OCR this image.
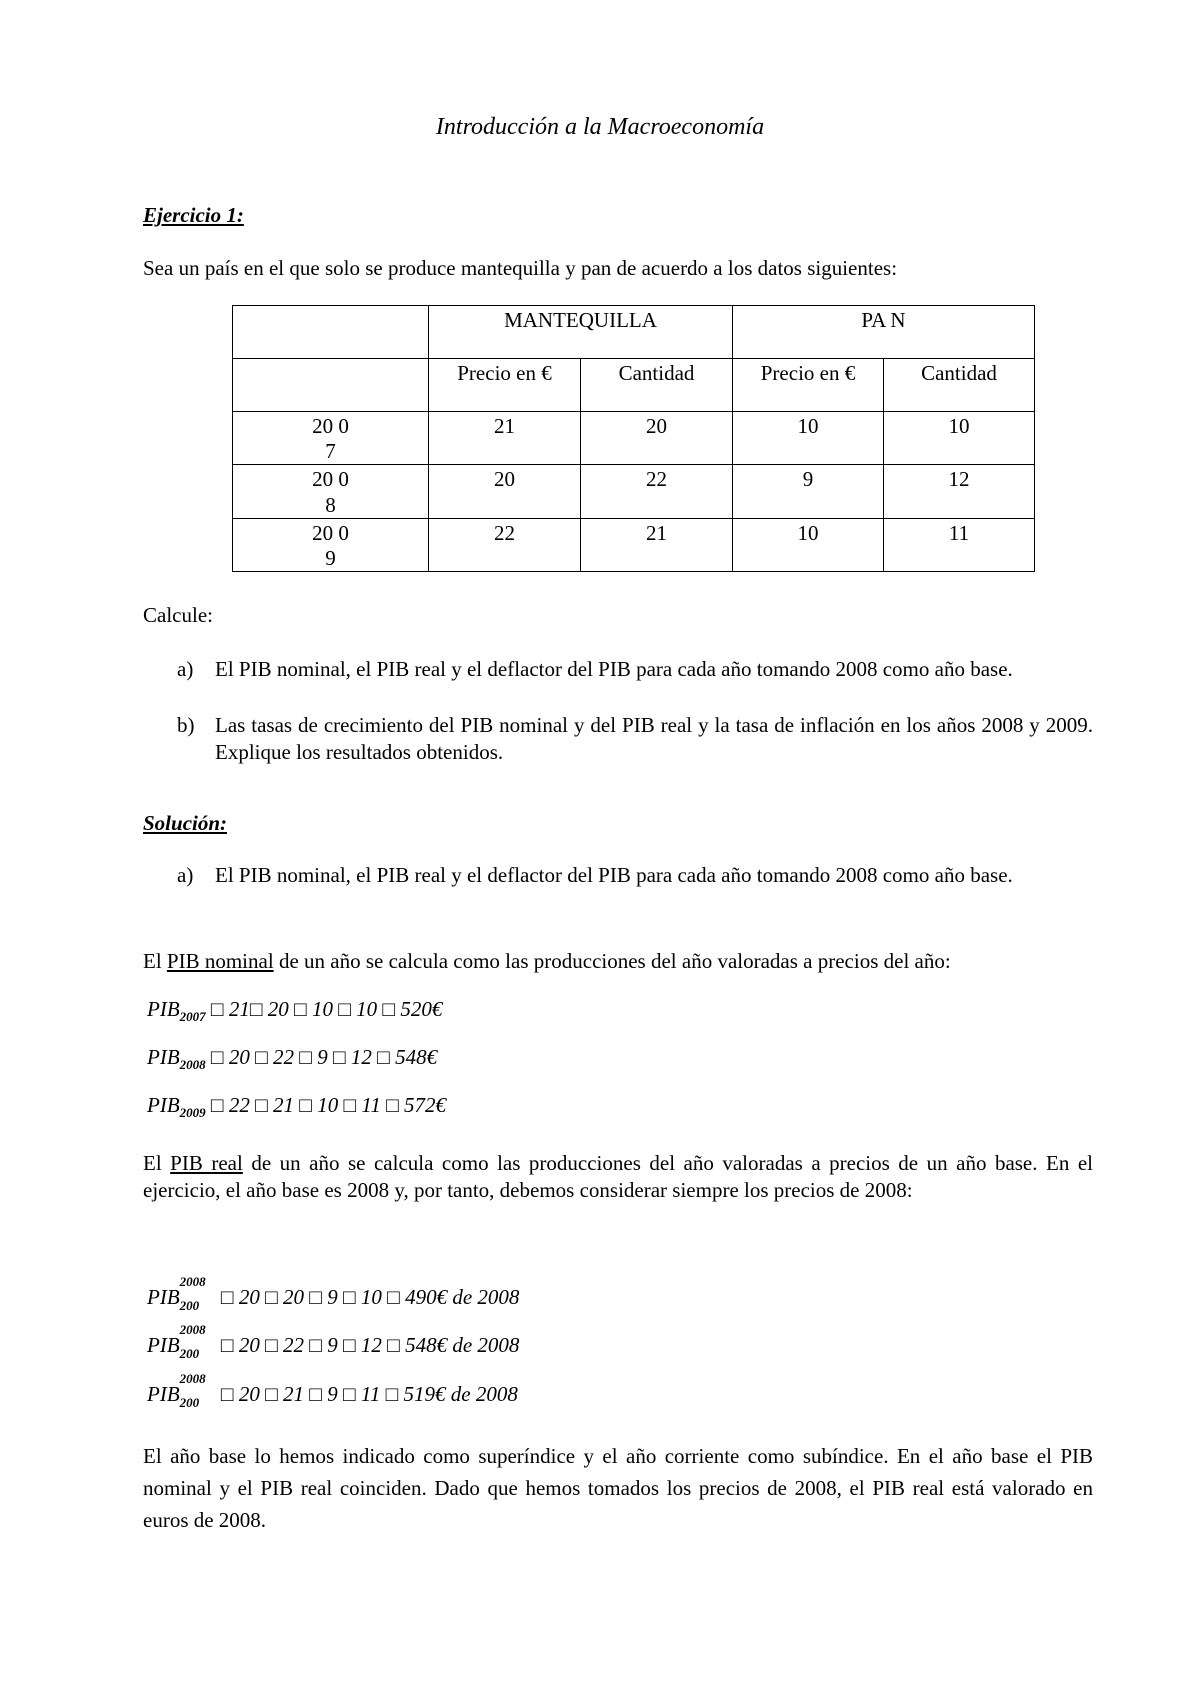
Introducción a la Macroeconomía
Ejercicio 1:
Sea un país en el que solo se produce mantequilla y pan de acuerdo a los datos siguientes:
	MANTEQUILLA		PA N	
	Precio en €	Cantidad	Precio en €	Cantidad
20 07	21	20	10	10
20 08	20	22	9	12
20 09	22	21	10	11
Calcule:
a) El PIB nominal, el PIB real y el deflactor del PIB para cada año tomando 2008 como año base.
b) Las tasas de crecimiento del PIB nominal y del PIB real y la tasa de inflación en los años 2008 y 2009. Explique los resultados obtenidos.
Solución:
a) El PIB nominal, el PIB real y el deflactor del PIB para cada año tomando 2008 como año base.
El PIB nominal de un año se calcula como las producciones del año valoradas a precios del año:
$PIB_{2007}$ □ 21□ 20 □ 10 □ 10 □ 520€
$PIB_{2008}$ □ 20 □ 22 □ 9 □ 12 □ 548€
$PIB_{2009}$ □ 22 □ 21 □ 10 □ 11 □ 572€
El PIB real de un año se calcula como las producciones del año valoradas a precios de un año base. En el ejercicio, el año base es 2008 y, por tanto, debemos considerar siempre los precios de 2008:
PIB
2008
200 □ 20 □ 20 □ 9 □ 10 □ 490€ de 2008
PIB
2008
200 □ 20 □ 22 □ 9 □ 12 □ 548€ de 2008
PIB
2008
200 □ 20 □ 21 □ 9 □ 11 □ 519€ de 2008
El año base lo hemos indicado como superíndice y el año corriente como subíndice. En el año base el PIB nominal y el PIB real coinciden. Dado que hemos tomados los precios de 2008, el PIB real está valorado en euros de 2008.
